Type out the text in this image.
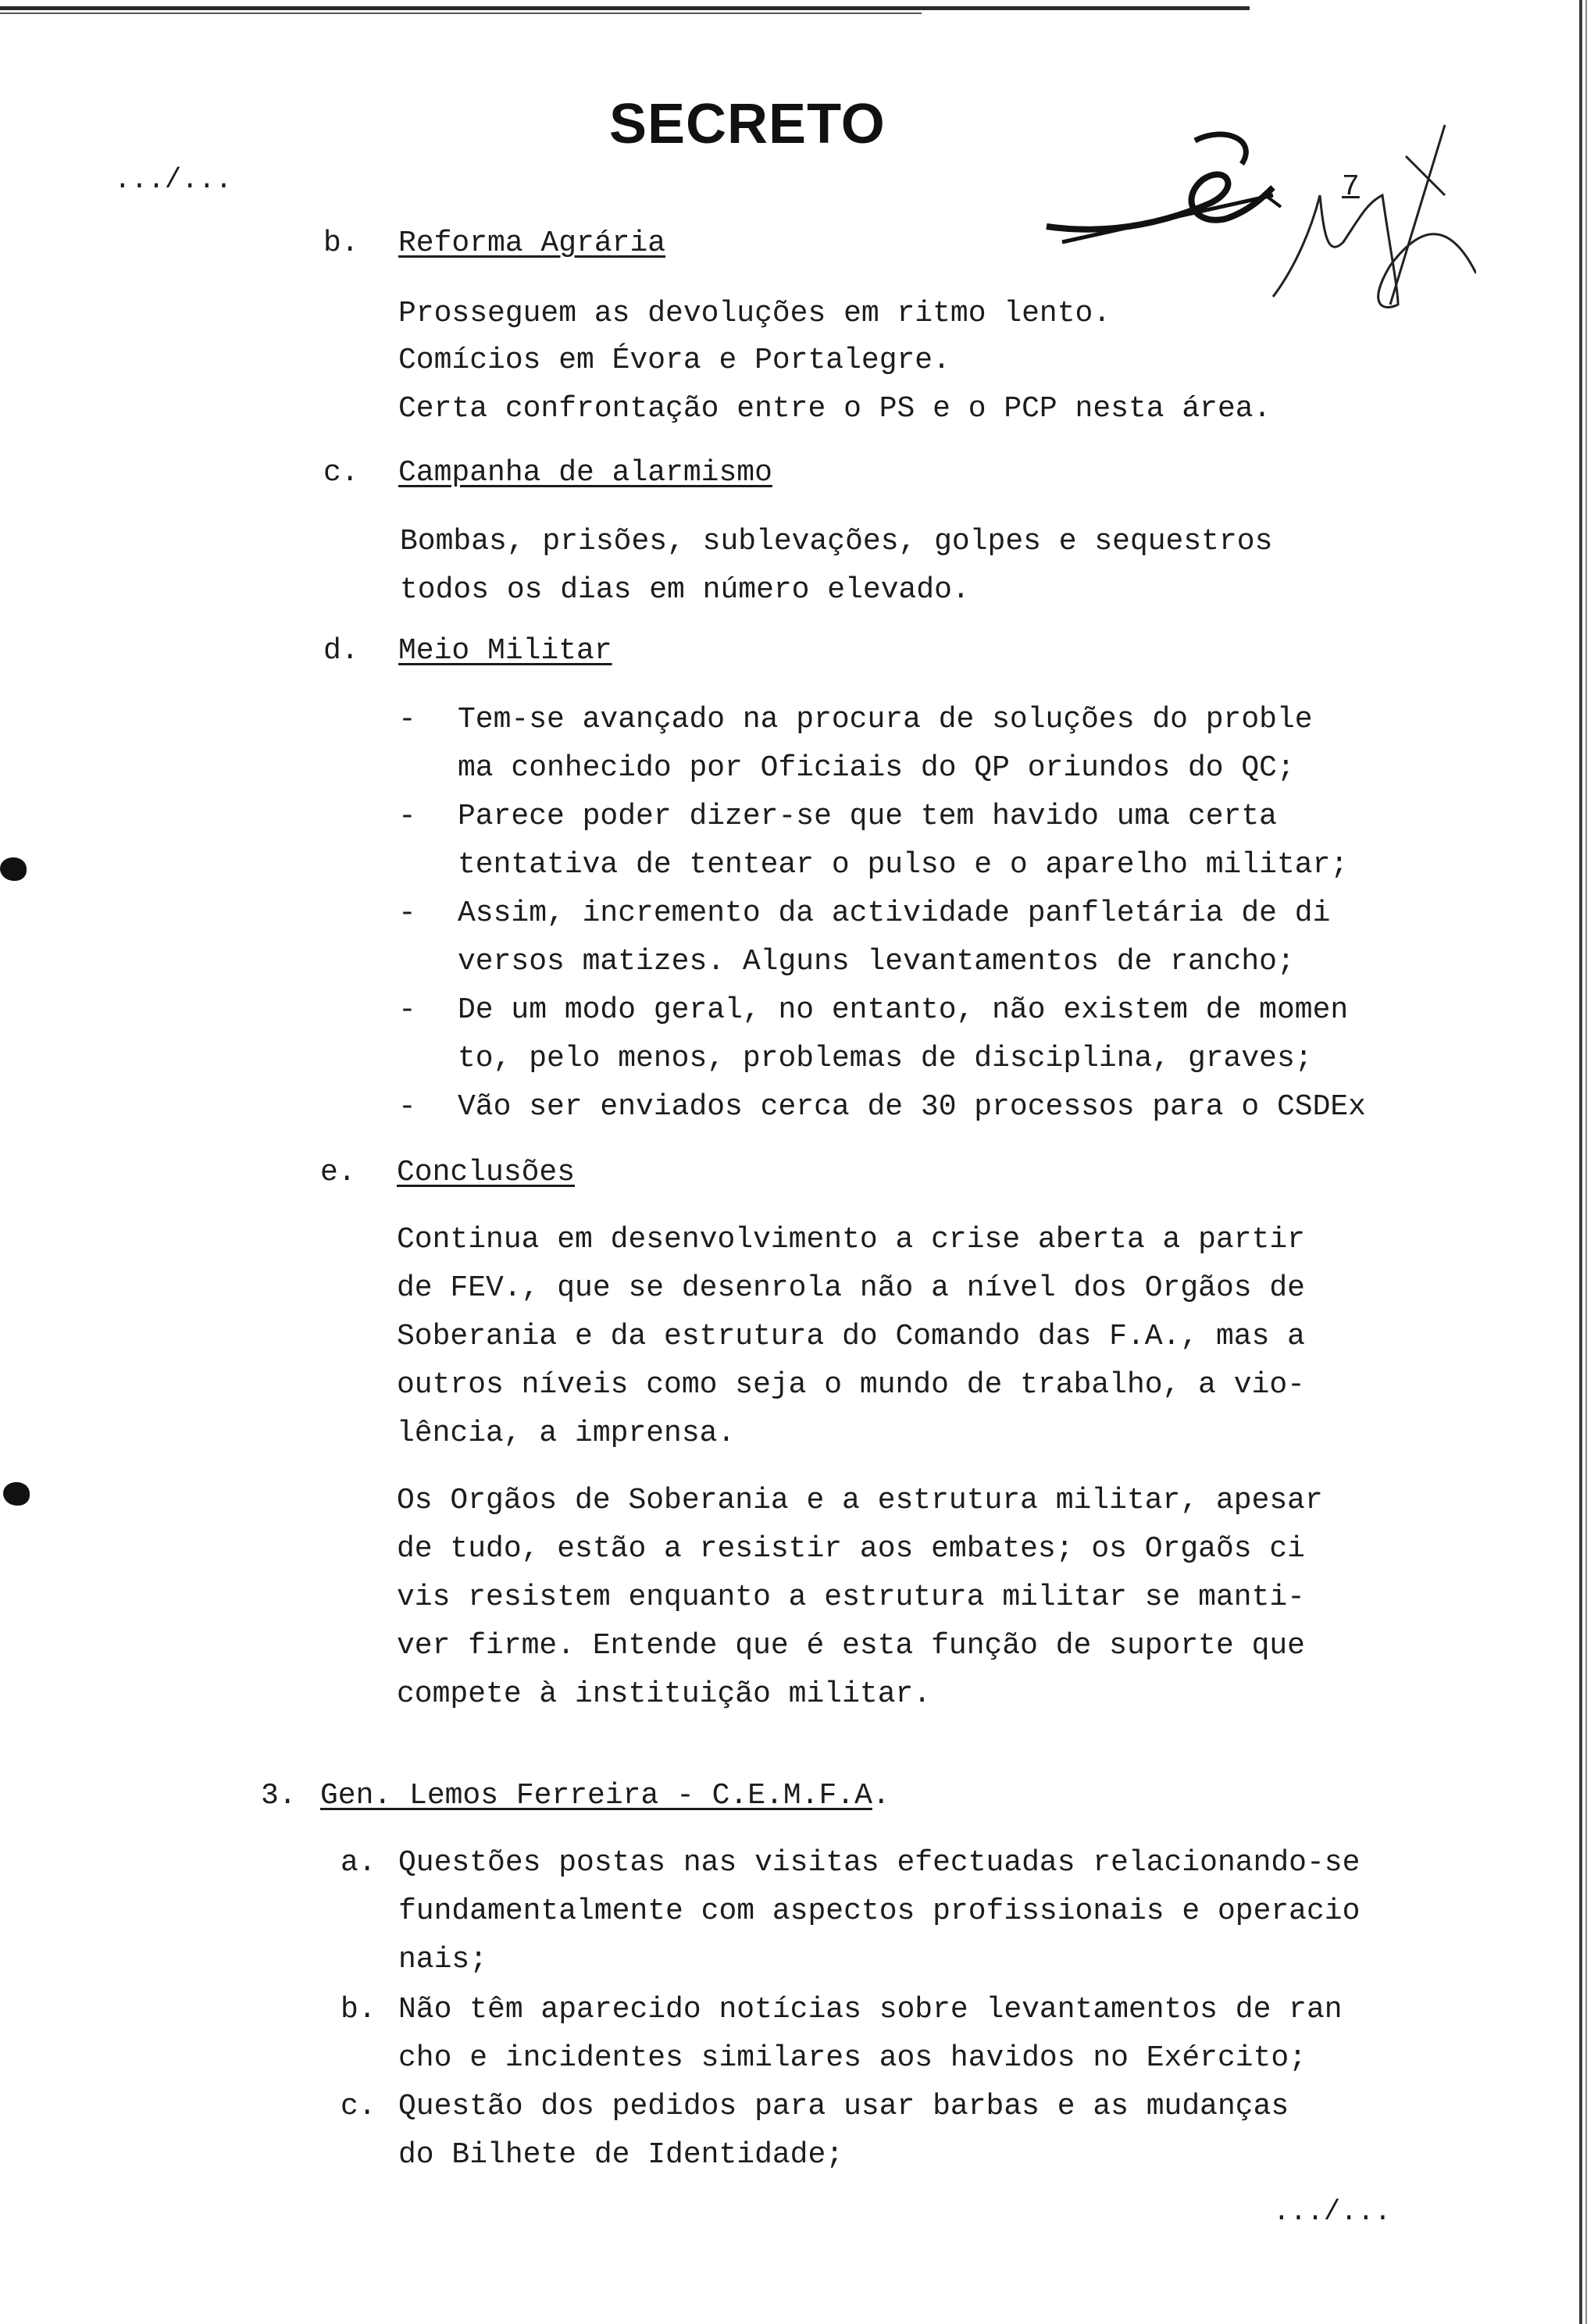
SECRETO
.../...	7
b. Reforma Agrária
Prosseguem as devoluções em ritmo lento.
Comícios em Évora e Portalegre.
Certa confrontação entre o PS e o PCP nesta área.
c. Campanha de alarmismo
Bombas, prisões, sublevações, golpes e sequestros
todos os dias em número elevado.
d. Meio Militar
- Tem-se avançado na procura de soluções do proble
ma conhecido por Oficiais do QP oriundos do QC;
- Parece poder dizer-se que tem havido uma certa
tentativa de tentear o pulso e o aparelho militar;
- Assim, incremento da actividade panfletária de di
versos matizes. Alguns levantamentos de rancho;
- De um modo geral, no entanto, não existem de momen
to, pelo menos, problemas de disciplina, graves;
- Vão ser enviados cerca de 30 processos para o CSDEx
e. Conclusões
Continua em desenvolvimento a crise aberta a partir
de FEV., que se desenrola não a nível dos Orgãos de
Soberania e da estrutura do Comando das F.A., mas a
outros níveis como seja o mundo de trabalho, a vio-
lência, a imprensa.
Os Orgãos de Soberania e a estrutura militar, apesar
de tudo, estão a resistir aos embates; os Orgaõs ci
vis resistem enquanto a estrutura militar se manti-
ver firme. Entende que é esta função de suporte que
compete à instituição militar.
3. Gen. Lemos Ferreira - C.E.M.F.A.
a. Questões postas nas visitas efectuadas relacionando-se
fundamentalmente com aspectos profissionais e operacio
nais;
b. Não têm aparecido notícias sobre levantamentos de ran
cho e incidentes similares aos havidos no Exército;
c. Questão dos pedidos para usar barbas e as mudanças
do Bilhete de Identidade;
.../...
